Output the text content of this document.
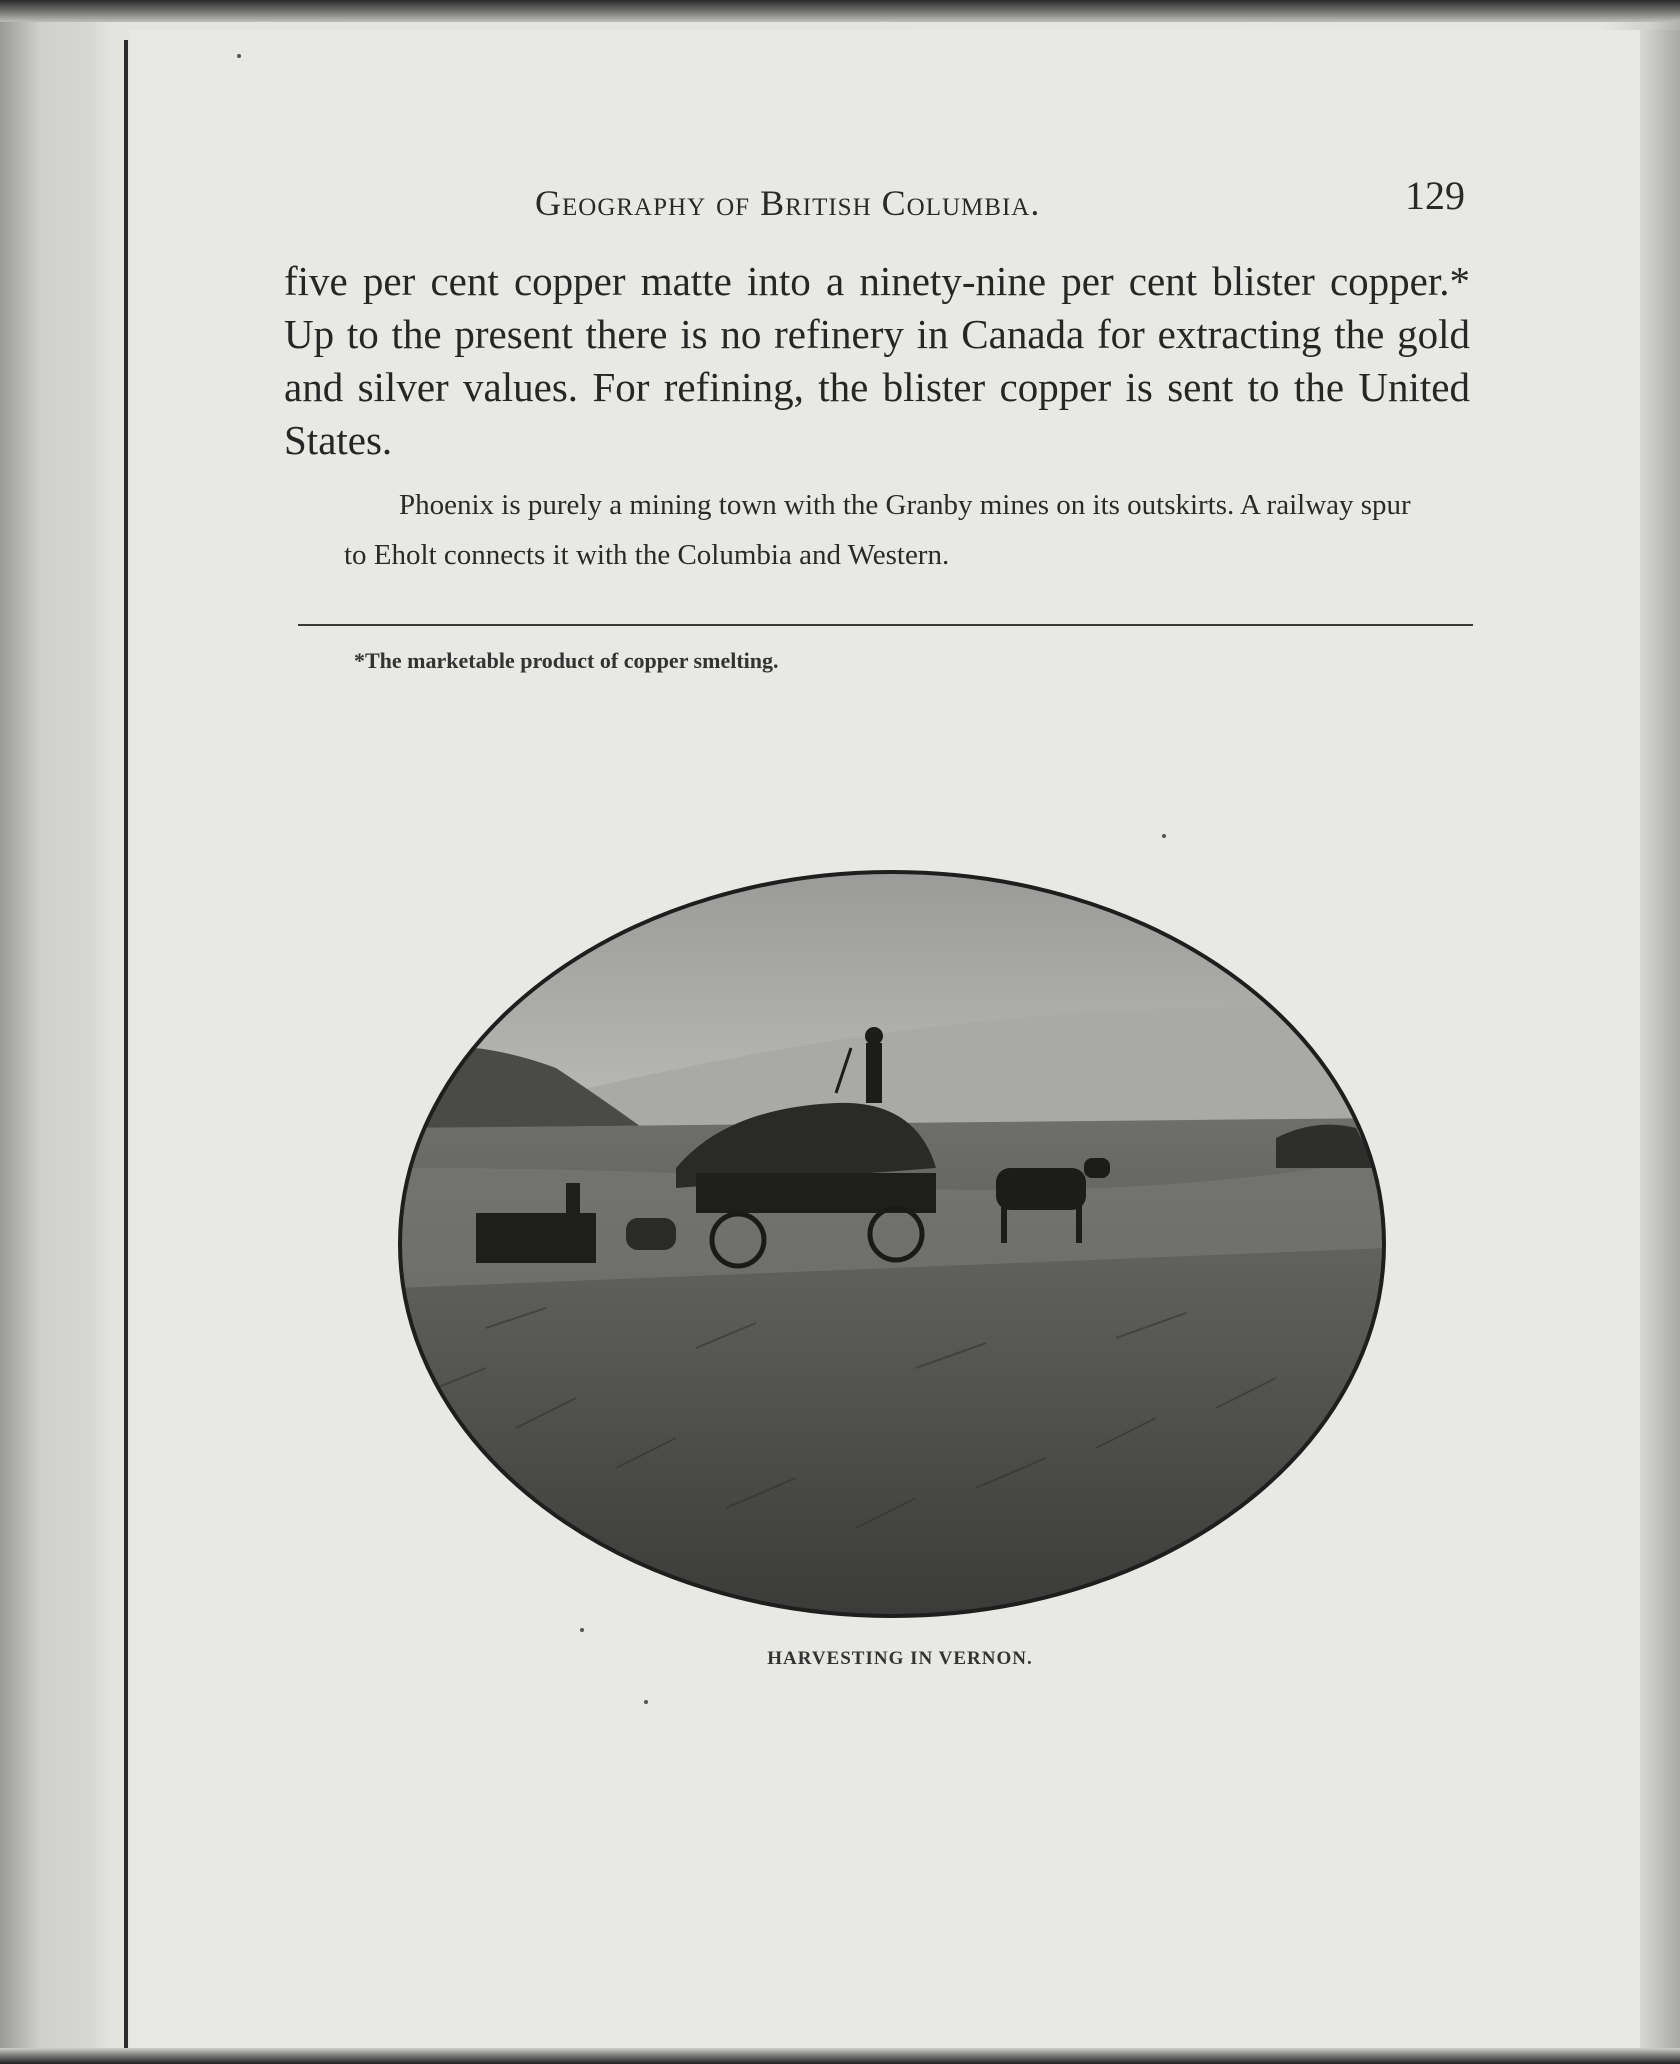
Geography of British Columbia.	129

five per cent copper matte into a ninety-nine per cent blister copper.* Up to the present there is no refinery in Canada for extracting the gold and silver values. For refining, the blister copper is sent to the United States.

Phoenix is purely a mining town with the Granby mines on its outskirts. A railway spur to Eholt connects it with the Columbia and Western.

*The marketable product of copper smelting.
HARVESTING IN VERNON.
